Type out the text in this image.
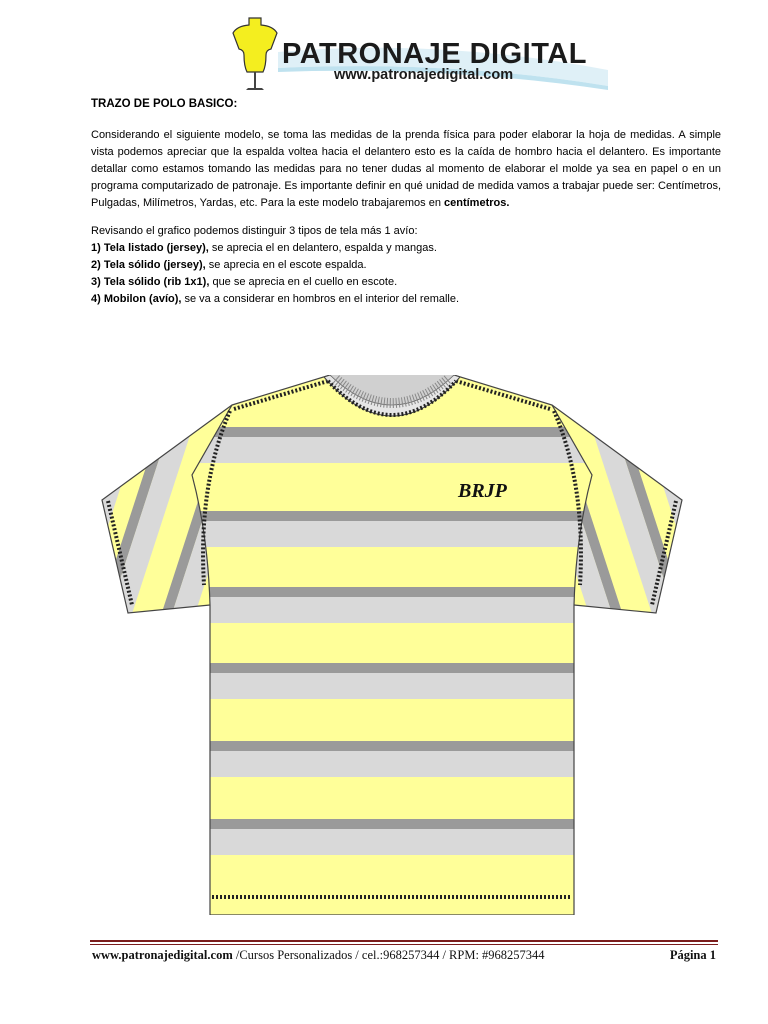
PATRONAJE DIGITAL
www.patronajedigital.com

TRAZO DE POLO BASICO:

Considerando el siguiente modelo, se toma las medidas de la prenda física para poder elaborar la hoja de medidas. A simple vista podemos apreciar que la espalda voltea hacia el delantero esto es la caída de hombro hacia el delantero. Es importante detallar como estamos tomando las medidas para no tener dudas al momento de elaborar el molde ya sea en papel o en un programa computarizado de patronaje. Es importante definir en qué unidad de medida vamos a trabajar puede ser: Centímetros, Pulgadas, Milímetros, Yardas, etc. Para la este modelo trabajaremos en centímetros.

Revisando el grafico podemos distinguir 3 tipos de tela más 1 avío:

1) Tela listado (jersey), se aprecia el en delantero, espalda y mangas.

2) Tela sólido (jersey), se aprecia en el escote espalda.

3) Tela sólido (rib 1x1), que se aprecia en el cuello en escote.

4) Mobilon (avío), se va a considerar en hombros en el interior del remalle.

BRJP
www.patronajedigital.com /Cursos Personalizados / cel.:968257344 / RPM: #968257344	Página 1
